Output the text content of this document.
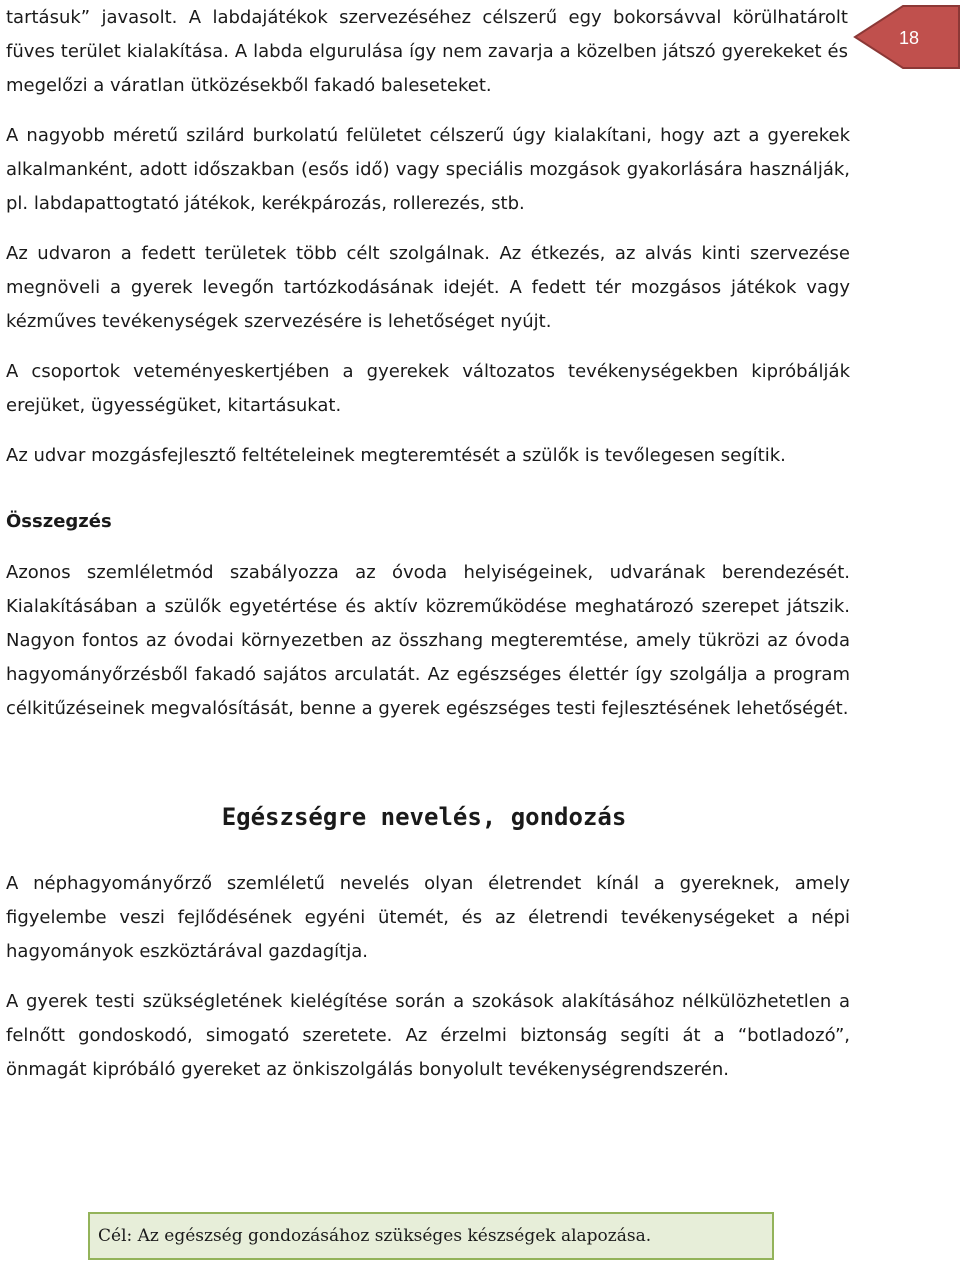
18
tartásuk” javasolt. A labdajátékok szervezéséhez célszerű egy bokorsávval körülhatárolt füves terület kialakítása. A labda elgurulása így nem zavarja a közelben játszó gyerekeket és megelőzi a váratlan ütközésekből fakadó baleseteket.
A nagyobb méretű szilárd burkolatú felületet célszerű úgy kialakítani, hogy azt a gyerekek alkalmanként, adott időszakban (esős idő) vagy speciális mozgások gyakorlására használják, pl. labdapattogtató játékok, kerékpározás, rollerezés, stb.
Az udvaron a fedett területek több célt szolgálnak. Az étkezés, az alvás kinti szervezése megnöveli a gyerek levegőn tartózkodásának idejét. A fedett tér mozgásos játékok vagy kézműves tevékenységek szervezésére is lehetőséget nyújt.
A csoportok veteményeskertjében a gyerekek változatos tevékenységekben kipróbálják erejüket, ügyességüket, kitartásukat.
Az udvar mozgásfejlesztő feltételeinek megteremtését a szülők is tevőlegesen segítik.
Összegzés
Azonos szemléletmód szabályozza az óvoda helyiségeinek, udvarának berendezését. Kialakításában a szülők egyetértése és aktív közreműködése meghatározó szerepet játszik. Nagyon fontos az óvodai környezetben az összhang megteremtése, amely tükrözi az óvoda hagyományőrzésből fakadó sajátos arculatát. Az egészséges élettér így szolgálja a program célkitűzéseinek megvalósítását, benne a gyerek egészséges testi fejlesztésének lehetőségét.
Egészségre nevelés, gondozás
A néphagyományőrző szemléletű nevelés olyan életrendet kínál a gyereknek, amely figyelembe veszi fejlődésének egyéni ütemét, és az életrendi tevékenységeket a népi hagyományok eszköztárával gazdagítja.
A gyerek testi szükségletének kielégítése során a szokások alakításához nélkülözhetetlen a felnőtt gondoskodó, simogató szeretete. Az érzelmi biztonság segíti át a “botladozó”, önmagát kipróbáló gyereket az önkiszolgálás bonyolult tevékenységrendszerén.
Cél: Az egészség gondozásához szükséges készségek alapozása.
